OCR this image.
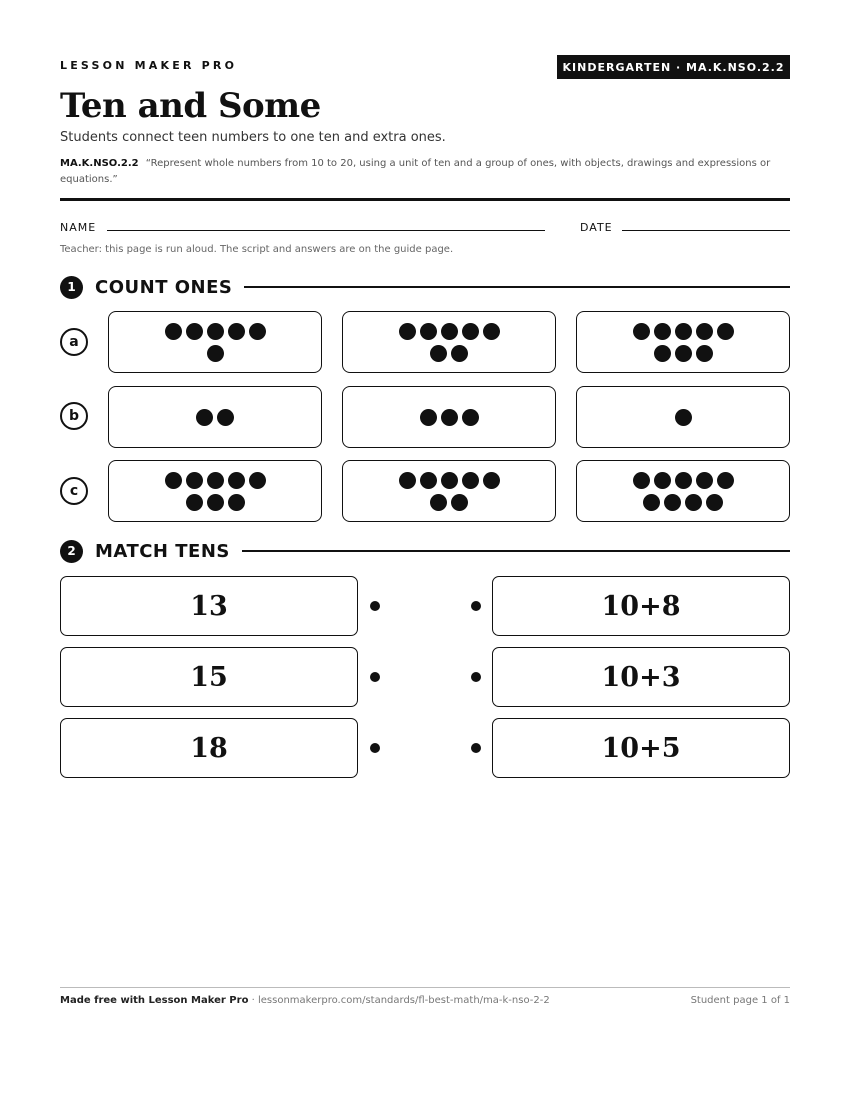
LESSON MAKER PRO	KINDERGARTEN · MA.K.NSO.2.2
Ten and Some
Students connect teen numbers to one ten and extra ones.
MA.K.NSO.2.2 “Represent whole numbers from 10 to 20, using a unit of ten and a group of ones, with objects, drawings and expressions or equations.”
NAME	DATE
Teacher: this page is run aloud. The script and answers are on the guide page.
1	COUNT ONES
a
b
c
2	MATCH TENS
13
15
18
10+8
10+3
10+5
Made free with Lesson Maker Pro · lessonmakerpro.com/standards/fl-best-math/ma-k-nso-2-2	Student page 1 of 1
